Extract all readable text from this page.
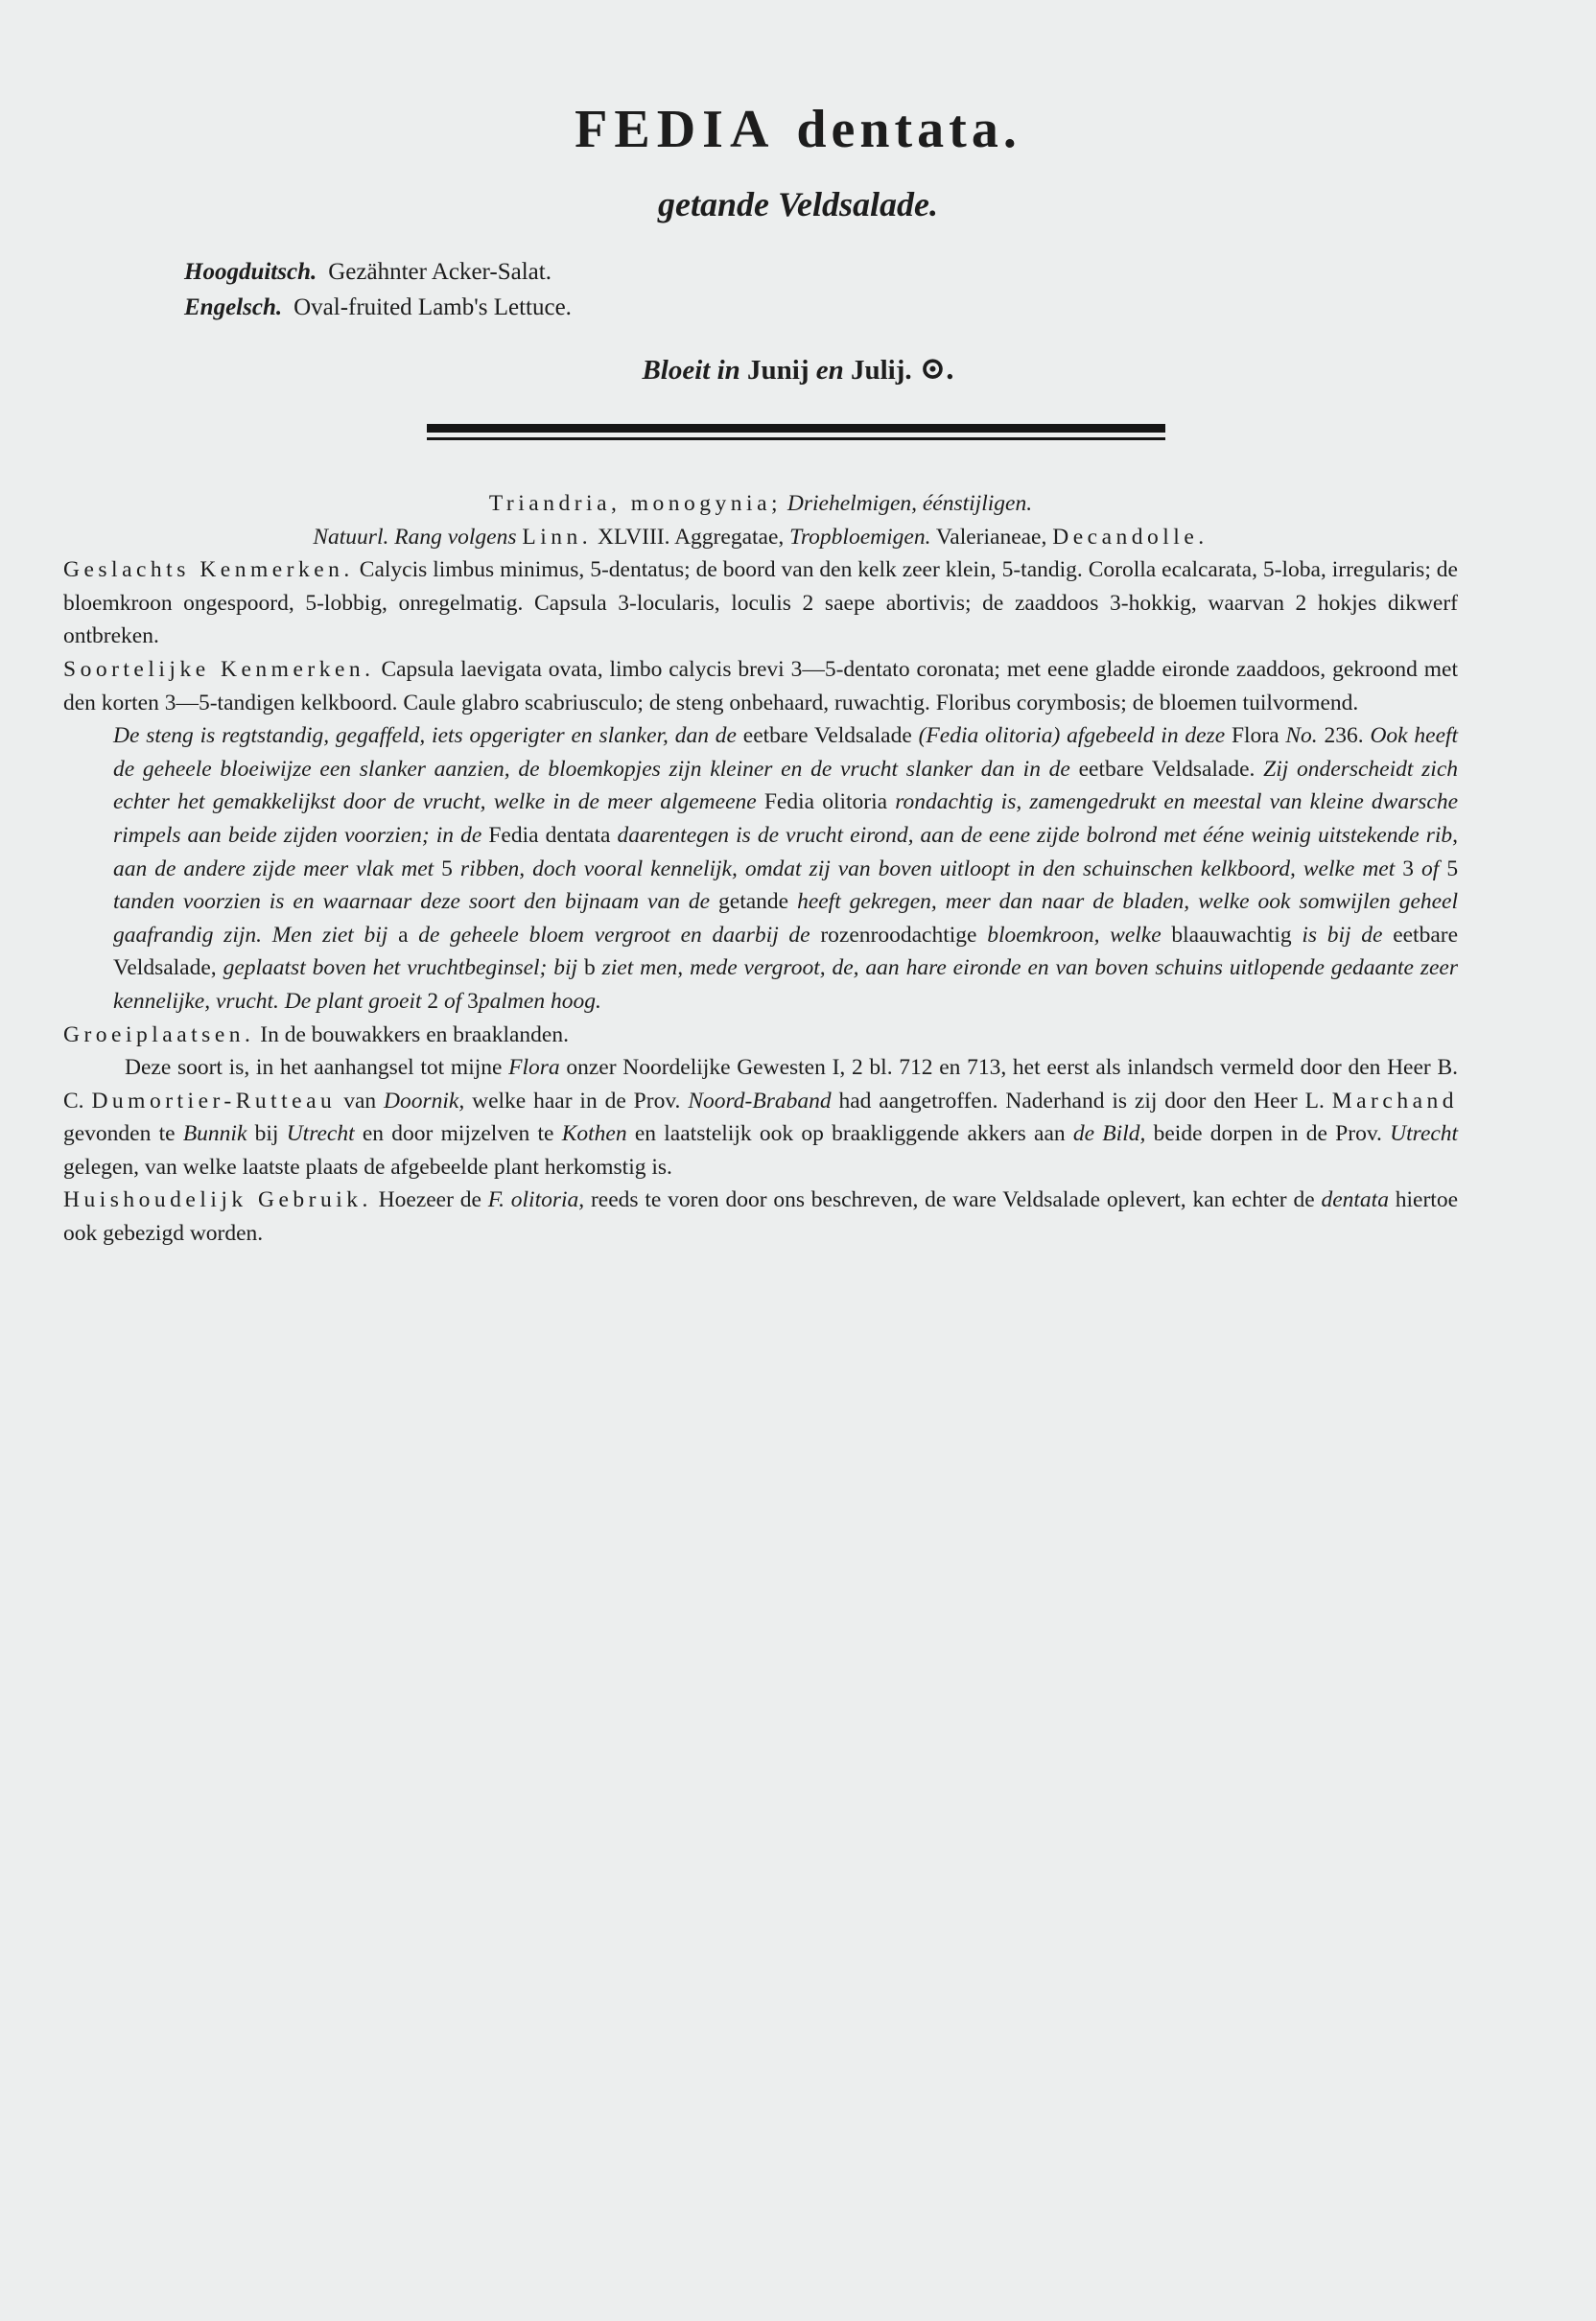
FEDIA dentata.
getande Veldsalade.
Hoogduitsch. Gezähnter Acker-Salat.
Engelsch. Oval-fruited Lamb's Lettuce.
Bloeit in Junij en Julij. ⊙.

Triandria, monogynia; Driehelmigen, éénstijligen.

Natuurl. Rang volgens Linn. XLVIII. Aggregatae, Tropbloemigen. Valerianeae, Decandolle.

Geslachts Kenmerken. Calycis limbus minimus, 5-dentatus; de boord van den kelk zeer klein, 5-tandig. Corolla ecalcarata, 5-loba, irregularis; de bloemkroon ongespoord, 5-lobbig, onregelmatig. Capsula 3-locularis, loculis 2 saepe abortivis; de zaaddoos 3-hokkig, waarvan 2 hokjes dikwerf ontbreken.

Soortelijke Kenmerken. Capsula laevigata ovata, limbo calycis brevi 3—5-dentato coronata; met eene gladde eironde zaaddoos, gekroond met den korten 3—5-tandigen kelkboord. Caule glabro scabriusculo; de steng onbehaard, ruwachtig. Floribus corymbosis; de bloemen tuilvormend.

De steng is regtstandig, gegaffeld, iets opgerigter en slanker, dan de eetbare Veldsalade (Fedia olitoria) afgebeeld in deze Flora No. 236. Ook heeft de geheele bloeiwijze een slanker aanzien, de bloemkopjes zijn kleiner en de vrucht slanker dan in de eetbare Veldsalade. Zij onderscheidt zich echter het gemakkelijkst door de vrucht, welke in de meer algemeene Fedia olitoria rondachtig is, zamengedrukt en meestal van kleine dwarsche rimpels aan beide zijden voorzien; in de Fedia dentata daarentegen is de vrucht eirond, aan de eene zijde bolrond met ééne weinig uitstekende rib, aan de andere zijde meer vlak met 5 ribben, doch vooral kennelijk, omdat zij van boven uitloopt in den schuinschen kelkboord, welke met 3 of 5 tanden voorzien is en waarnaar deze soort den bijnaam van de getande heeft gekregen, meer dan naar de bladen, welke ook somwijlen geheel gaafrandig zijn. Men ziet bij a de geheele bloem vergroot en daarbij de rozenroodachtige bloemkroon, welke blaauwachtig is bij de eetbare Veldsalade, geplaatst boven het vruchtbeginsel; bij b ziet men, mede vergroot, de, aan hare eironde en van boven schuins uitlopende gedaante zeer kennelijke, vrucht. De plant groeit 2 of 3palmen hoog.

Groeiplaatsen. In de bouwakkers en braaklanden.

Deze soort is, in het aanhangsel tot mijne Flora onzer Noordelijke Gewesten I, 2 bl. 712 en 713, het eerst als inlandsch vermeld door den Heer B. C. Dumortier-Rutteau van Doornik, welke haar in de Prov. Noord-Braband had aangetroffen. Naderhand is zij door den Heer L. Marchand gevonden te Bunnik bij Utrecht en door mijzelven te Kothen en laatstelijk ook op braakliggende akkers aan de Bild, beide dorpen in de Prov. Utrecht gelegen, van welke laatste plaats de afgebeelde plant herkomstig is.

Huishoudelijk Gebruik. Hoezeer de F. olitoria, reeds te voren door ons beschreven, de ware Veldsalade oplevert, kan echter de dentata hiertoe ook gebezigd worden.
